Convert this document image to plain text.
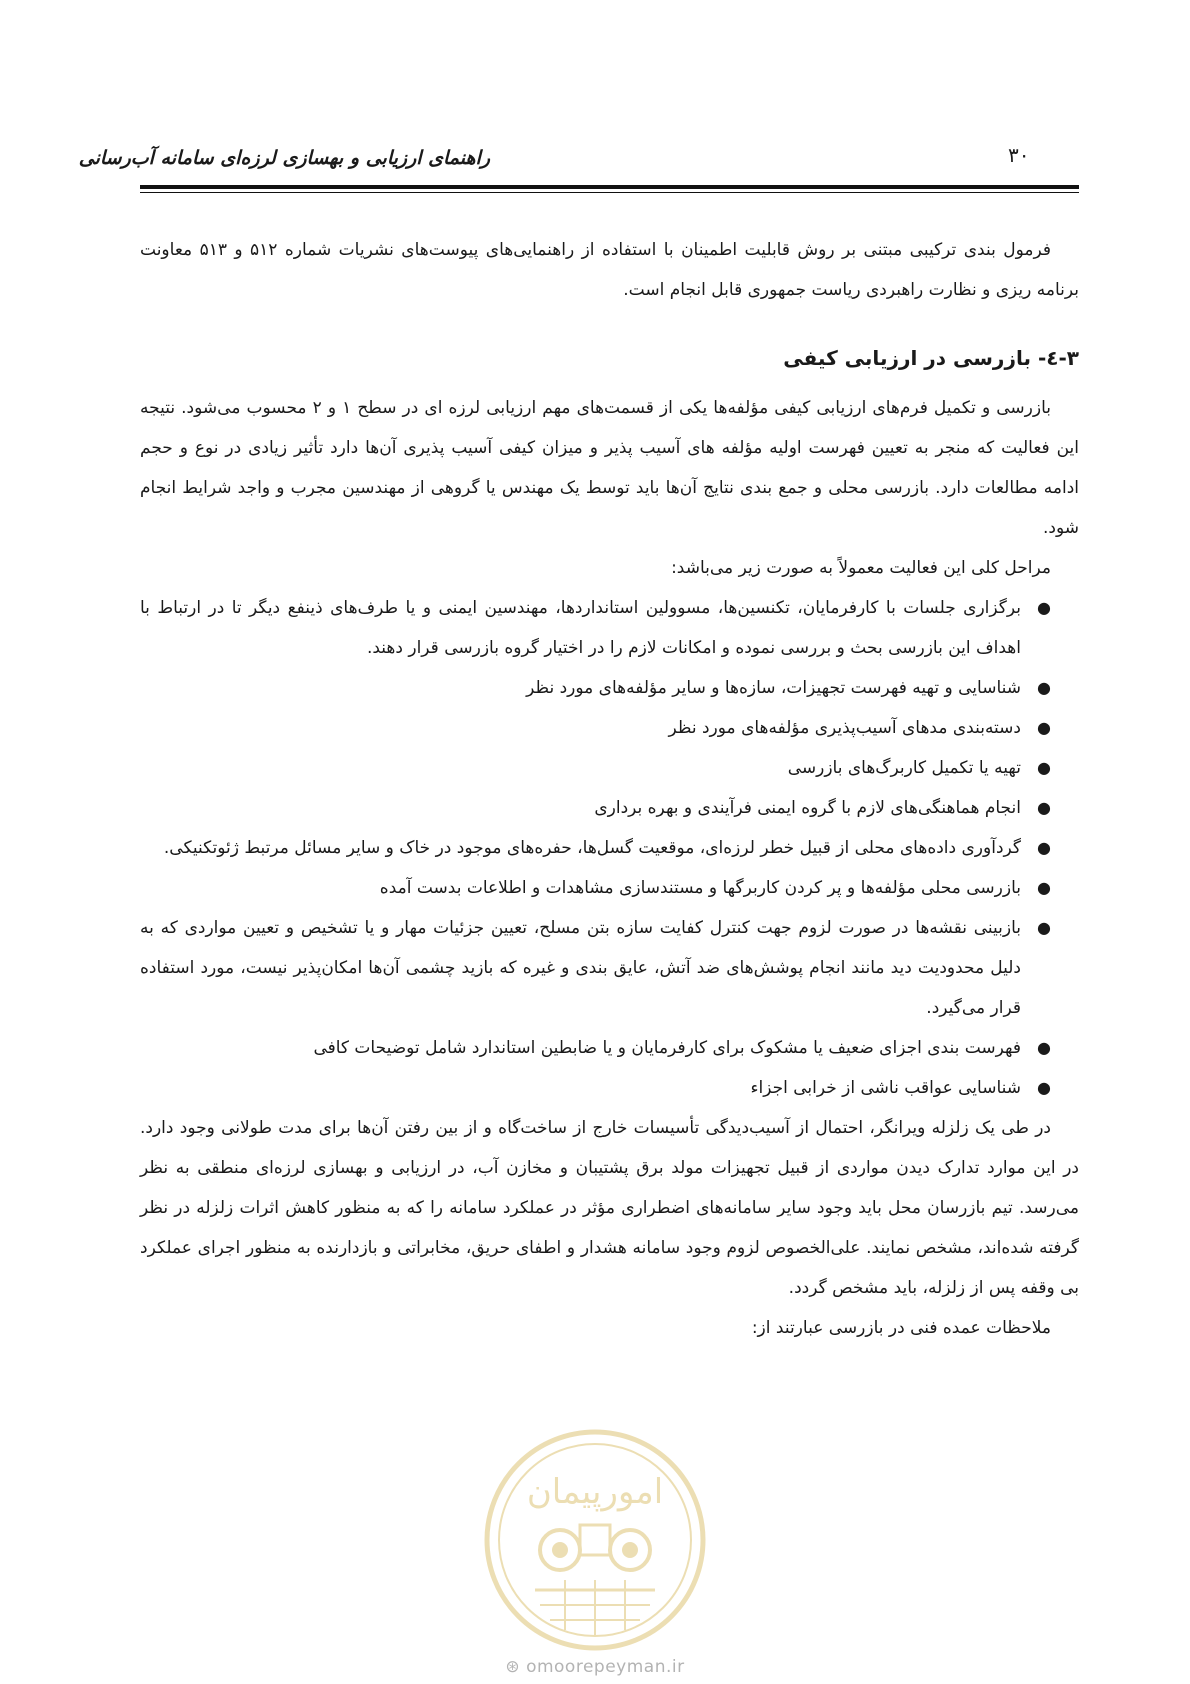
۳۰
راهنمای ارزیابی و بهسازی لرزه‌ای سامانه آب‌رسانی

فرمول بندی ترکیبی مبتنی بر روش قابلیت اطمینان با استفاده از راهنمایی‌های پیوست‌های نشریات شماره ۵۱۲ و ۵۱۳ معاونت برنامه ریزی و نظارت راهبردی ریاست جمهوری قابل انجام است.

۳-٤- بازرسی در ارزیابی کیفی

بازرسی و تکمیل فرم‌های ارزیابی کیفی مؤلفه‌ها یکی از قسمت‌های مهم ارزیابی لرزه ای در سطح ۱ و ۲ محسوب می‌شود. نتیجه این فعالیت که منجر به تعیین فهرست اولیه مؤلفه های آسیب پذیر و میزان کیفی آسیب پذیری آن‌ها دارد تأثیر زیادی در نوع و حجم ادامه مطالعات دارد. بازرسی محلی و جمع بندی نتایج آن‌ها باید توسط یک مهندس یا گروهی از مهندسین مجرب و واجد شرایط انجام شود.

مراحل کلی این فعالیت معمولاً به صورت زیر می‌باشد:

●
برگزاری جلسات با کارفرمایان، تکنسین‌ها، مسوولین استانداردها، مهندسین ایمنی و یا طرف‌های ذینفع دیگر تا در ارتباط با اهداف این بازرسی بحث و بررسی نموده و امکانات لازم را در اختیار گروه بازرسی قرار دهند.
●
شناسایی و تهیه فهرست تجهیزات، سازه‌ها و سایر مؤلفه‌های مورد نظر
●
دسته‌بندی مدهای آسیب‌پذیری مؤلفه‌های مورد نظر
●
تهیه یا تکمیل کاربرگ‌های بازرسی
●
انجام هماهنگی‌های لازم با گروه ایمنی فرآیندی و بهره برداری
●
گردآوری داده‌های محلی از قبیل خطر لرزه‌ای، موقعیت گسل‌ها، حفره‌های موجود در خاک و سایر مسائل مرتبط ژئوتکنیکی.
●
بازرسی محلی مؤلفه‌ها و پر کردن کاربرگها و مستندسازی مشاهدات و اطلاعات بدست آمده
●
بازبینی نقشه‌ها در صورت لزوم جهت کنترل کفایت سازه بتن مسلح، تعیین جزئیات مهار و یا تشخیص و تعیین مواردی که به دلیل محدودیت دید مانند انجام پوشش‌های ضد آتش، عایق بندی و غیره که بازید چشمی آن‌ها امکان‌پذیر نیست، مورد استفاده قرار می‌گیرد.
●
فهرست بندی اجزای ضعیف یا مشکوک برای کارفرمایان و یا ضابطین استاندارد شامل توضیحات کافی
●
شناسایی عواقب ناشی از خرابی اجزاء

در طی یک زلزله ویرانگر، احتمال از آسیب‌دیدگی تأسیسات خارج از ساخت‌گاه و از بین رفتن آن‌ها برای مدت طولانی وجود دارد. در این موارد تدارک دیدن مواردی از قبیل تجهیزات مولد برق پشتیبان و مخازن آب، در ارزیابی و بهسازی لرزه‌ای منطقی به نظر می‌رسد. تیم بازرسان محل باید وجود سایر سامانه‌های اضطراری مؤثر در عملکرد سامانه را که به منظور کاهش اثرات زلزله در نظر گرفته شده‌اند، مشخص نمایند. علی‌الخصوص لزوم وجود سامانه هشدار و اطفای حریق، مخابراتی و بازدارنده به منظور اجرای عملکرد بی وقفه پس از زلزله، باید مشخص گردد.

ملاحظات عمده فنی در بازرسی عبارتند از:

امورپیمان
⊛ omoorepeyman.ir
